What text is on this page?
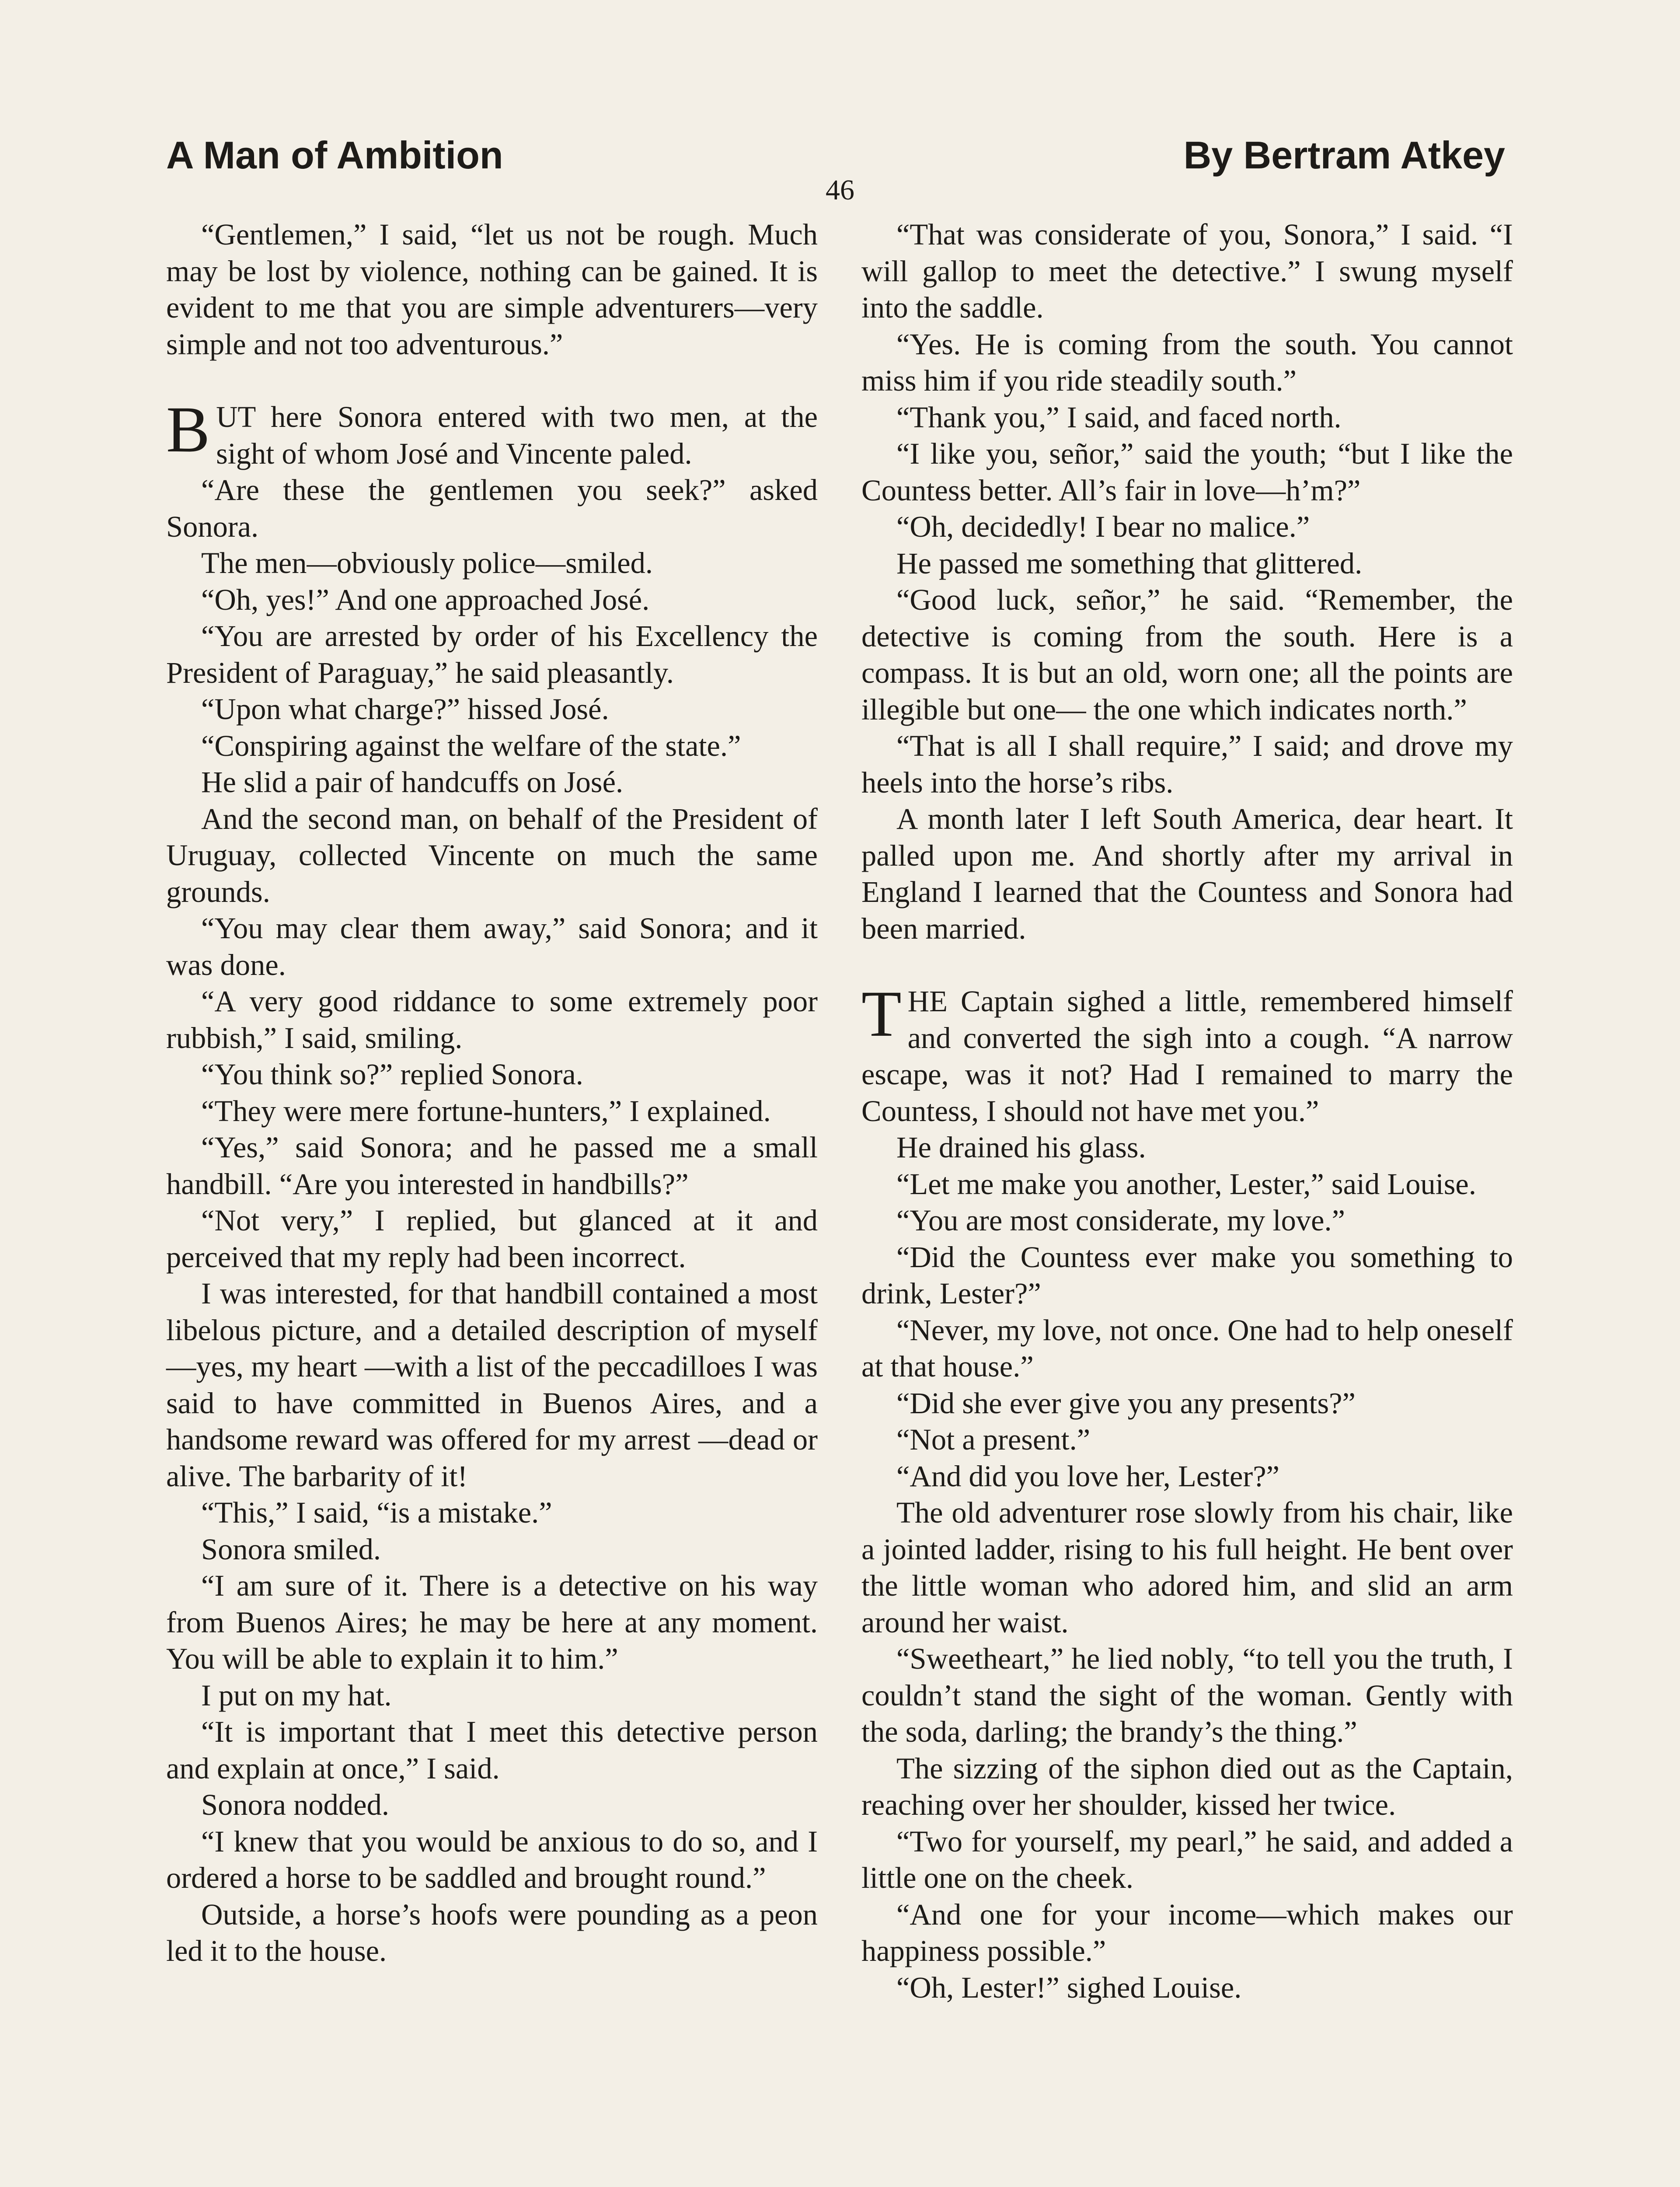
A Man of Ambition	By Bertram Atkey
46

“Gentlemen,” I said, “let us not be rough. Much may be lost by violence, nothing can be gained. It is evident to me that you are simple adventurers—very simple and not too adventurous.”

BUT here Sonora entered with two men, at the sight of whom José and Vincente paled.

“Are these the gentlemen you seek?” asked Sonora.

The men—obviously police—smiled.

“Oh, yes!” And one approached José.

“You are arrested by order of his Excellency the President of Paraguay,” he said pleasantly.

“Upon what charge?” hissed José.

“Conspiring against the welfare of the state.”

He slid a pair of handcuffs on José.

And the second man, on behalf of the President of Uruguay, collected Vincente on much the same grounds.

“You may clear them away,” said Sonora; and it was done.

“A very good riddance to some extremely poor rubbish,” I said, smiling.

“You think so?” replied Sonora.

“They were mere fortune-hunters,” I explained.

“Yes,” said Sonora; and he passed me a small handbill. “Are you interested in handbills?”

“Not very,” I replied, but glanced at it and perceived that my reply had been incorrect.

I was interested, for that handbill contained a most libelous picture, and a detailed description of myself—yes, my heart —with a list of the peccadilloes I was said to have committed in Buenos Aires, and a handsome reward was offered for my arrest —dead or alive. The barbarity of it!

“This,” I said, “is a mistake.”

Sonora smiled.

“I am sure of it. There is a detective on his way from Buenos Aires; he may be here at any moment. You will be able to explain it to him.”

I put on my hat.

“It is important that I meet this detective person and explain at once,” I said.

Sonora nodded.

“I knew that you would be anxious to do so, and I ordered a horse to be saddled and brought round.”

Outside, a horse’s hoofs were pounding as a peon led it to the house.

“That was considerate of you, Sonora,” I said. “I will gallop to meet the detective.” I swung myself into the saddle.

“Yes. He is coming from the south. You cannot miss him if you ride steadily south.”

“Thank you,” I said, and faced north.

“I like you, señor,” said the youth; “but I like the Countess better. All’s fair in love—h’m?”

“Oh, decidedly! I bear no malice.”

He passed me something that glittered.

“Good luck, señor,” he said. “Remember, the detective is coming from the south. Here is a compass. It is but an old, worn one; all the points are illegible but one— the one which indicates north.”

“That is all I shall require,” I said; and drove my heels into the horse’s ribs.

A month later I left South America, dear heart. It palled upon me. And shortly after my arrival in England I learned that the Countess and Sonora had been married.

THE Captain sighed a little, remembered himself and converted the sigh into a cough. “A narrow escape, was it not? Had I remained to marry the Countess, I should not have met you.”

He drained his glass.

“Let me make you another, Lester,” said Louise.

“You are most considerate, my love.”

“Did the Countess ever make you something to drink, Lester?”

“Never, my love, not once. One had to help oneself at that house.”

“Did she ever give you any presents?”

“Not a present.”

“And did you love her, Lester?”

The old adventurer rose slowly from his chair, like a jointed ladder, rising to his full height. He bent over the little woman who adored him, and slid an arm around her waist.

“Sweetheart,” he lied nobly, “to tell you the truth, I couldn’t stand the sight of the woman. Gently with the soda, darling; the brandy’s the thing.”

The sizzing of the siphon died out as the Captain, reaching over her shoulder, kissed her twice.

“Two for yourself, my pearl,” he said, and added a little one on the cheek.

“And one for your income—which makes our happiness possible.”

“Oh, Lester!” sighed Louise.
